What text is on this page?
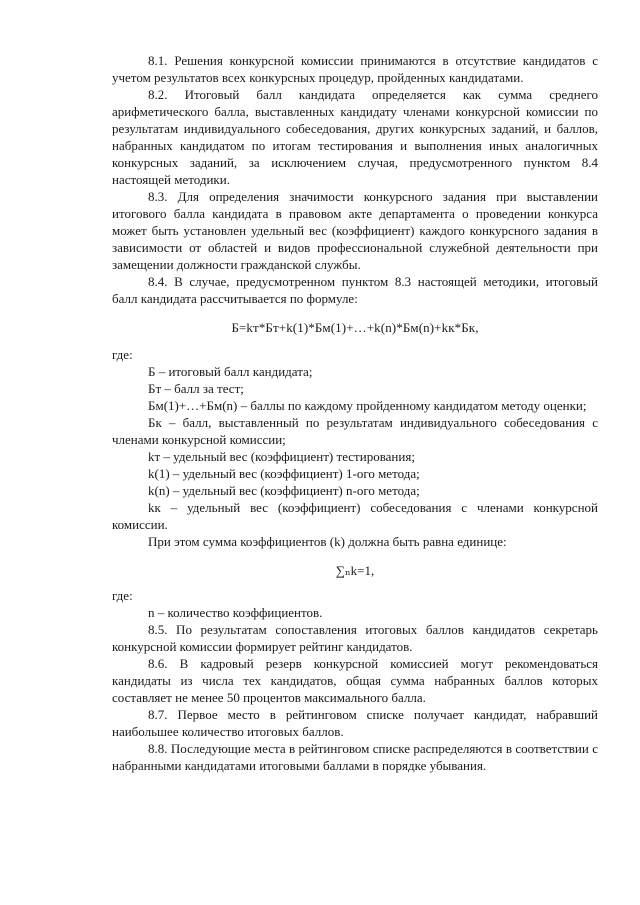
8.1. Решения конкурсной комиссии принимаются в отсутствие кандидатов с учетом результатов всех конкурсных процедур, пройденных кандидатами.

8.2. Итоговый балл кандидата определяется как сумма среднего арифметического балла, выставленных кандидату членами конкурсной комиссии по результатам индивидуального собеседования, других конкурсных заданий, и баллов, набранных кандидатом по итогам тестирования и выполнения иных аналогичных конкурсных заданий, за исключением случая, предусмотренного пунктом 8.4 настоящей методики.

8.3. Для определения значимости конкурсного задания при выставлении итогового балла кандидата в правовом акте департамента о проведении конкурса может быть установлен удельный вес (коэффициент) каждого конкурсного задания в зависимости от областей и видов профессиональной служебной деятельности при замещении должности гражданской службы.

8.4. В случае, предусмотренном пунктом 8.3 настоящей методики, итоговый балл кандидата рассчитывается по формуле:

Б=kт*Бт+k(1)*Бм(1)+…+k(n)*Бм(n)+kк*Бк,

где:

Б – итоговый балл кандидата;

Бт – балл за тест;

Бм(1)+…+Бм(n) – баллы по каждому пройденному кандидатом методу оценки;

Бк – балл, выставленный по результатам индивидуального собеседования с членами конкурсной комиссии;

kт – удельный вес (коэффициент) тестирования;

k(1) – удельный вес (коэффициент) 1-ого метода;

k(n) – удельный вес (коэффициент) n-ого метода;

kк – удельный вес (коэффициент) собеседования с членами конкурсной комиссии.

При этом сумма коэффициентов (k) должна быть равна единице:

∑ₙk=1,

где:

n – количество коэффициентов.

8.5. По результатам сопоставления итоговых баллов кандидатов секретарь конкурсной комиссии формирует рейтинг кандидатов.

8.6. В кадровый резерв конкурсной комиссией могут рекомендоваться кандидаты из числа тех кандидатов, общая сумма набранных баллов которых составляет не менее 50 процентов максимального балла.

8.7. Первое место в рейтинговом списке получает кандидат, набравший наибольшее количество итоговых баллов.

8.8. Последующие места в рейтинговом списке распределяются в соответствии с набранными кандидатами итоговыми баллами в порядке убывания.
